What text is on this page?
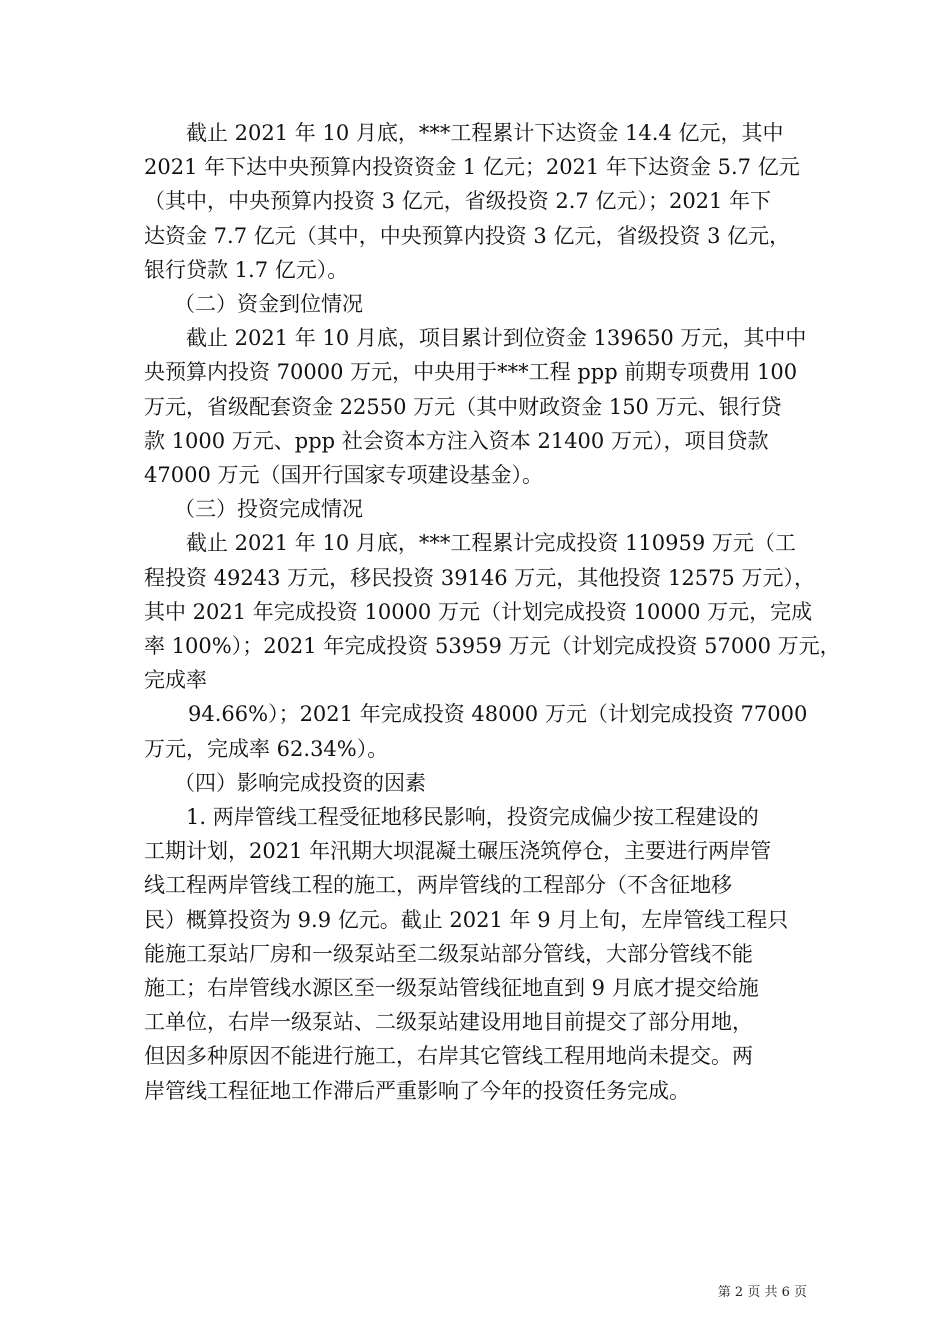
截止 2021 年 10 月底，***工程累计下达资金 14.4 亿元，其中
2021 年下达中央预算内投资资金 1 亿元；2021 年下达资金 5.7 亿元
（其中，中央预算内投资 3 亿元，省级投资 2.7 亿元）；2021 年下
达资金 7.7 亿元（其中，中央预算内投资 3 亿元，省级投资 3 亿元，
银行贷款 1.7 亿元）。
（二）资金到位情况
截止 2021 年 10 月底，项目累计到位资金 139650 万元，其中中
央预算内投资 70000 万元，中央用于***工程 ppp 前期专项费用 100
万元，省级配套资金 22550 万元（其中财政资金 150 万元、银行贷
款 1000 万元、ppp 社会资本方注入资本 21400 万元），项目贷款
47000 万元（国开行国家专项建设基金）。
（三）投资完成情况
截止 2021 年 10 月底，***工程累计完成投资 110959 万元（工
程投资 49243 万元，移民投资 39146 万元，其他投资 12575 万元），
其中 2021 年完成投资 10000 万元（计划完成投资 10000 万元，完成
率 100%）；2021 年完成投资 53959 万元（计划完成投资 57000 万元，
完成率
94.66%）；2021 年完成投资 48000 万元（计划完成投资 77000
万元，完成率 62.34%）。
（四）影响完成投资的因素
1. 两岸管线工程受征地移民影响，投资完成偏少按工程建设的
工期计划，2021 年汛期大坝混凝土碾压浇筑停仓，主要进行两岸管
线工程两岸管线工程的施工，两岸管线的工程部分（不含征地移
民）概算投资为 9.9 亿元。截止 2021 年 9 月上旬，左岸管线工程只
能施工泵站厂房和一级泵站至二级泵站部分管线，大部分管线不能
施工；右岸管线水源区至一级泵站管线征地直到 9 月底才提交给施
工单位，右岸一级泵站、二级泵站建设用地目前提交了部分用地，
但因多种原因不能进行施工，右岸其它管线工程用地尚未提交。两
岸管线工程征地工作滞后严重影响了今年的投资任务完成。
第 2 页 共 6 页
